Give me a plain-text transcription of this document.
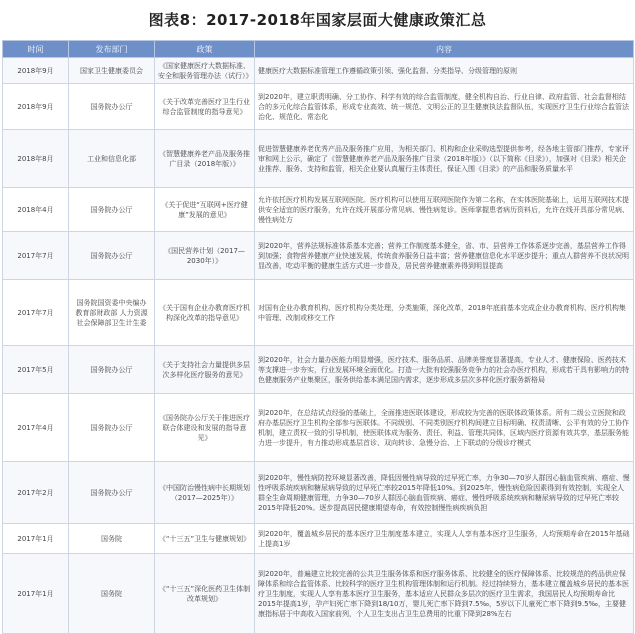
图表8：2017-2018年国家层面大健康政策汇总
时间	发布部门	政策	内容
2018年9月	国家卫生健康委员会	《国家健康医疗大数据标准、安全和服务管理办法（试行）》	健康医疗大数据标准管理工作遵循政策引领、强化监督、分类指导、分级管理的原则
2018年9月	国务院办公厅	《关于改革完善医疗卫生行业综合监管制度的指导意见》	到2020年，建立职责明确、分工协作、科学有效的综合监管制度，健全机构自治、行业自律、政府监管、社会监督相结合的多元化综合监管体系，形成专业高效、统一规范、文明公正的卫生健康执法监督队伍，实现医疗卫生行业综合监管法治化、规范化、常态化
2018年8月	工业和信息化部	《智慧健康养老产品及服务推广目录（2018年版）》	促进智慧健康养老优秀产品及服务推广应用，为相关部门、机构和企业采购选型提供参考，经各地主管部门推荐，专家评审和网上公示，确定了《智慧健康养老产品及服务推广目录（2018年版）》（以下简称《目录》），加强对《目录》相关企业推荐、服务、支持和监管，相关企业要认真履行主体责任，保证入围《目录》的产品和服务质量水平
2018年4月	国务院办公厅	《关于促进“互联网+医疗健康”发展的意见》	允许依托医疗机构发展互联网医院。医疗机构可以使用互联网医院作为第二名称，在实体医院基础上，运用互联网技术提供安全适宜的医疗服务，允许在线开展部分常见病、慢性病复诊。医师掌握患者病历资料后，允许在线开具部分常见病、慢性病处方
2017年7月	国务院办公厅	《国民营养计划（2017—2030年）》	到2020年，营养法规标准体系基本完善；营养工作制度基本健全，省、市、县营养工作体系逐步完善，基层营养工作得到加强；食物营养健康产业快速发展，传统食养服务日益丰富；营养健康信息化水平逐步提升；重点人群营养不良状况明显改善，吃动平衡的健康生活方式进一步普及，居民营养健康素养得到明显提高
2017年7月	国务院国资委中央编办 教育部财政部 人力资源社会保障部卫生计生委	《关于国有企业办教育医疗机构深化改革的指导意见》	对国有企业办教育机构、医疗机构分类处理，分类施策，深化改革，2018年底前基本完成企业办教育机构、医疗机构集中管理、改制或移交工作
2017年5月	国务院办公厅	《关于支持社会力量提供多层次多样化医疗服务的意见》	到2020年，社会力量办医能力明显增强，医疗技术、服务品质、品牌美誉度显著提高，专业人才、健康保险、医药技术等支撑进一步夯实，行业发展环境全面优化。打造一大批有较强服务竞争力的社会办医疗机构，形成若干具有影响力的特色健康服务产业集聚区，服务供给基本满足国内需求，逐步形成多层次多样化医疗服务新格局
2017年4月	国务院办公厅	《国务院办公厅关于推进医疗联合体建设和发展的指导意见》	到2020年，在总结试点经验的基础上，全面推进医联体建设，形成较为完善的医联体政策体系。所有二级公立医院和政府办基层医疗卫生机构全部参与医联体。不同级别、不同类别医疗机构间建立目标明确、权责清晰、公平有效的分工协作机制，建立责权一致的引导机制，使医联体成为服务、责任、利益、管理共同体，区域内医疗资源有效共享，基层服务能力进一步提升，有力推动形成基层首诊、双向转诊、急慢分治、上下联动的分级诊疗模式
2017年2月	国务院办公厅	《中国防治慢性病中长期规划（2017—2025年）》	到2020年，慢性病防控环境显著改善，降低因慢性病导致的过早死亡率，力争30—70岁人群因心脑血管疾病、癌症、慢性呼吸系统疾病和糖尿病导致的过早死亡率较2015年降低10%。到2025年，慢性病危险因素得到有效控制，实现全人群全生命周期健康管理，力争30—70岁人群因心脑血管疾病、癌症、慢性呼吸系统疾病和糖尿病导致的过早死亡率较2015年降低20%。逐步提高居民健康期望寿命，有效控制慢性病疾病负担
2017年1月	国务院	《“十三五”卫生与健康规划》	到2020年，覆盖城乡居民的基本医疗卫生制度基本建立，实现人人享有基本医疗卫生服务，人均预期寿命在2015年基础上提高1岁
2017年1月	国务院	《“十三五”深化医药卫生体制改革规划》	到2020年，普遍建立比较完善的公共卫生服务体系和医疗服务体系、比较健全的医疗保障体系、比较规范的药品供应保障体系和综合监管体系、比较科学的医疗卫生机构管理体制和运行机制。经过持续努力，基本建立覆盖城乡居民的基本医疗卫生制度，实现人人享有基本医疗卫生服务，基本适应人民群众多层次的医疗卫生需求，我国居民人均预期寿命比2015年提高1岁，孕产妇死亡率下降到18/10万，婴儿死亡率下降到7.5‰，5岁以下儿童死亡率下降到9.5‰，主要健康指标居于中高收入国家前列，个人卫生支出占卫生总费用的比重下降到28%左右
